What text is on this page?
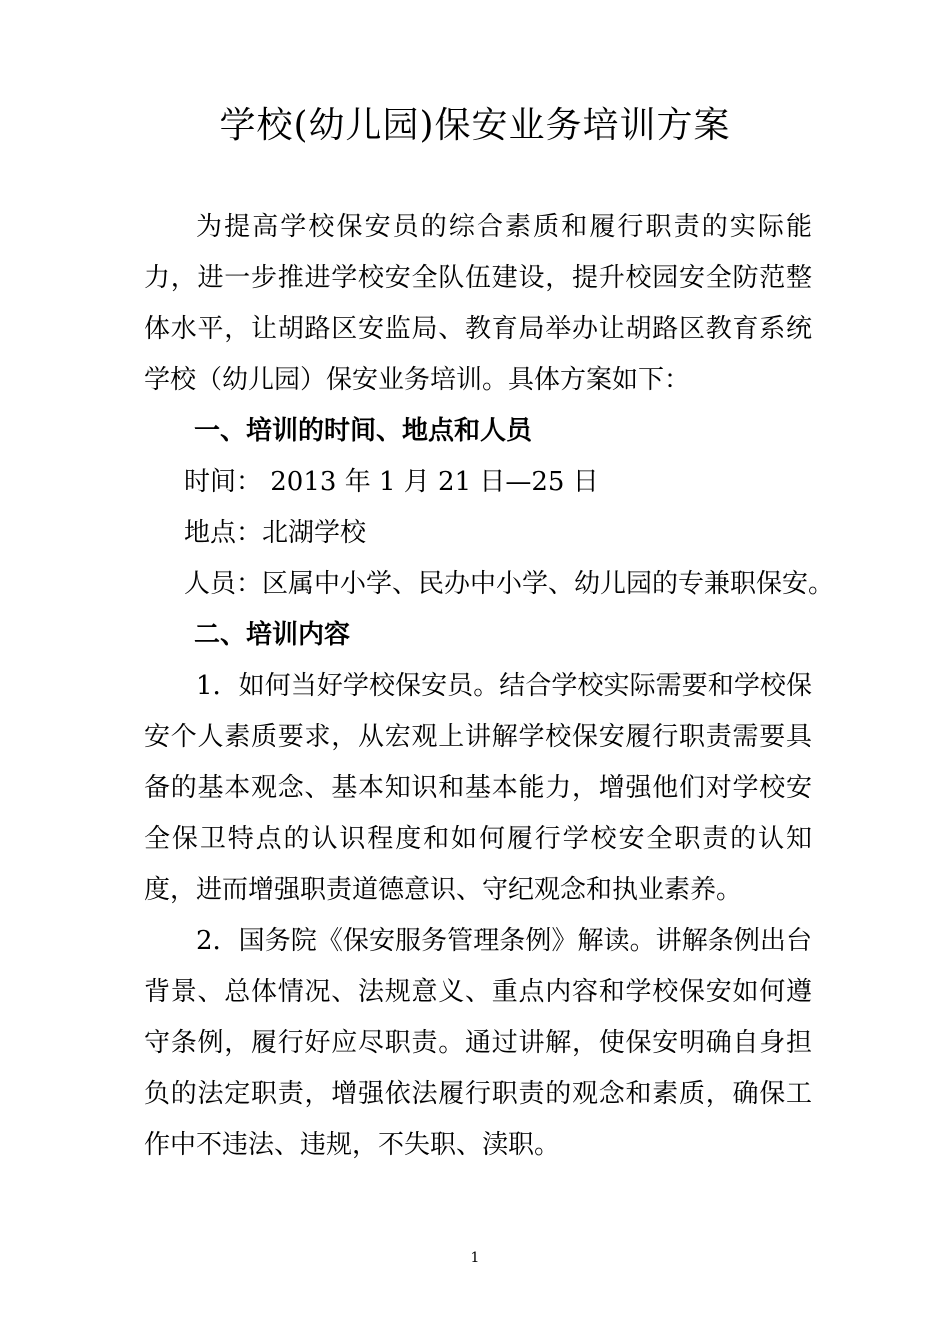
学校(幼儿园)保安业务培训方案

为提高学校保安员的综合素质和履行职责的实际能力，进一步推进学校安全队伍建设，提升校园安全防范整体水平，让胡路区安监局、教育局举办让胡路区教育系统学校（幼儿园）保安业务培训。具体方案如下：

一、培训的时间、地点和人员

时间： 2013 年 1 月 21 日—25 日

地点：北湖学校

人员：区属中小学、民办中小学、幼儿园的专兼职保安。

二、培训内容

1．如何当好学校保安员。结合学校实际需要和学校保安个人素质要求，从宏观上讲解学校保安履行职责需要具备的基本观念、基本知识和基本能力，增强他们对学校安全保卫特点的认识程度和如何履行学校安全职责的认知度，进而增强职责道德意识、守纪观念和执业素养。

2．国务院《保安服务管理条例》解读。讲解条例出台背景、总体情况、法规意义、重点内容和学校保安如何遵守条例，履行好应尽职责。通过讲解，使保安明确自身担负的法定职责，增强依法履行职责的观念和素质，确保工作中不违法、违规，不失职、渎职。

1
